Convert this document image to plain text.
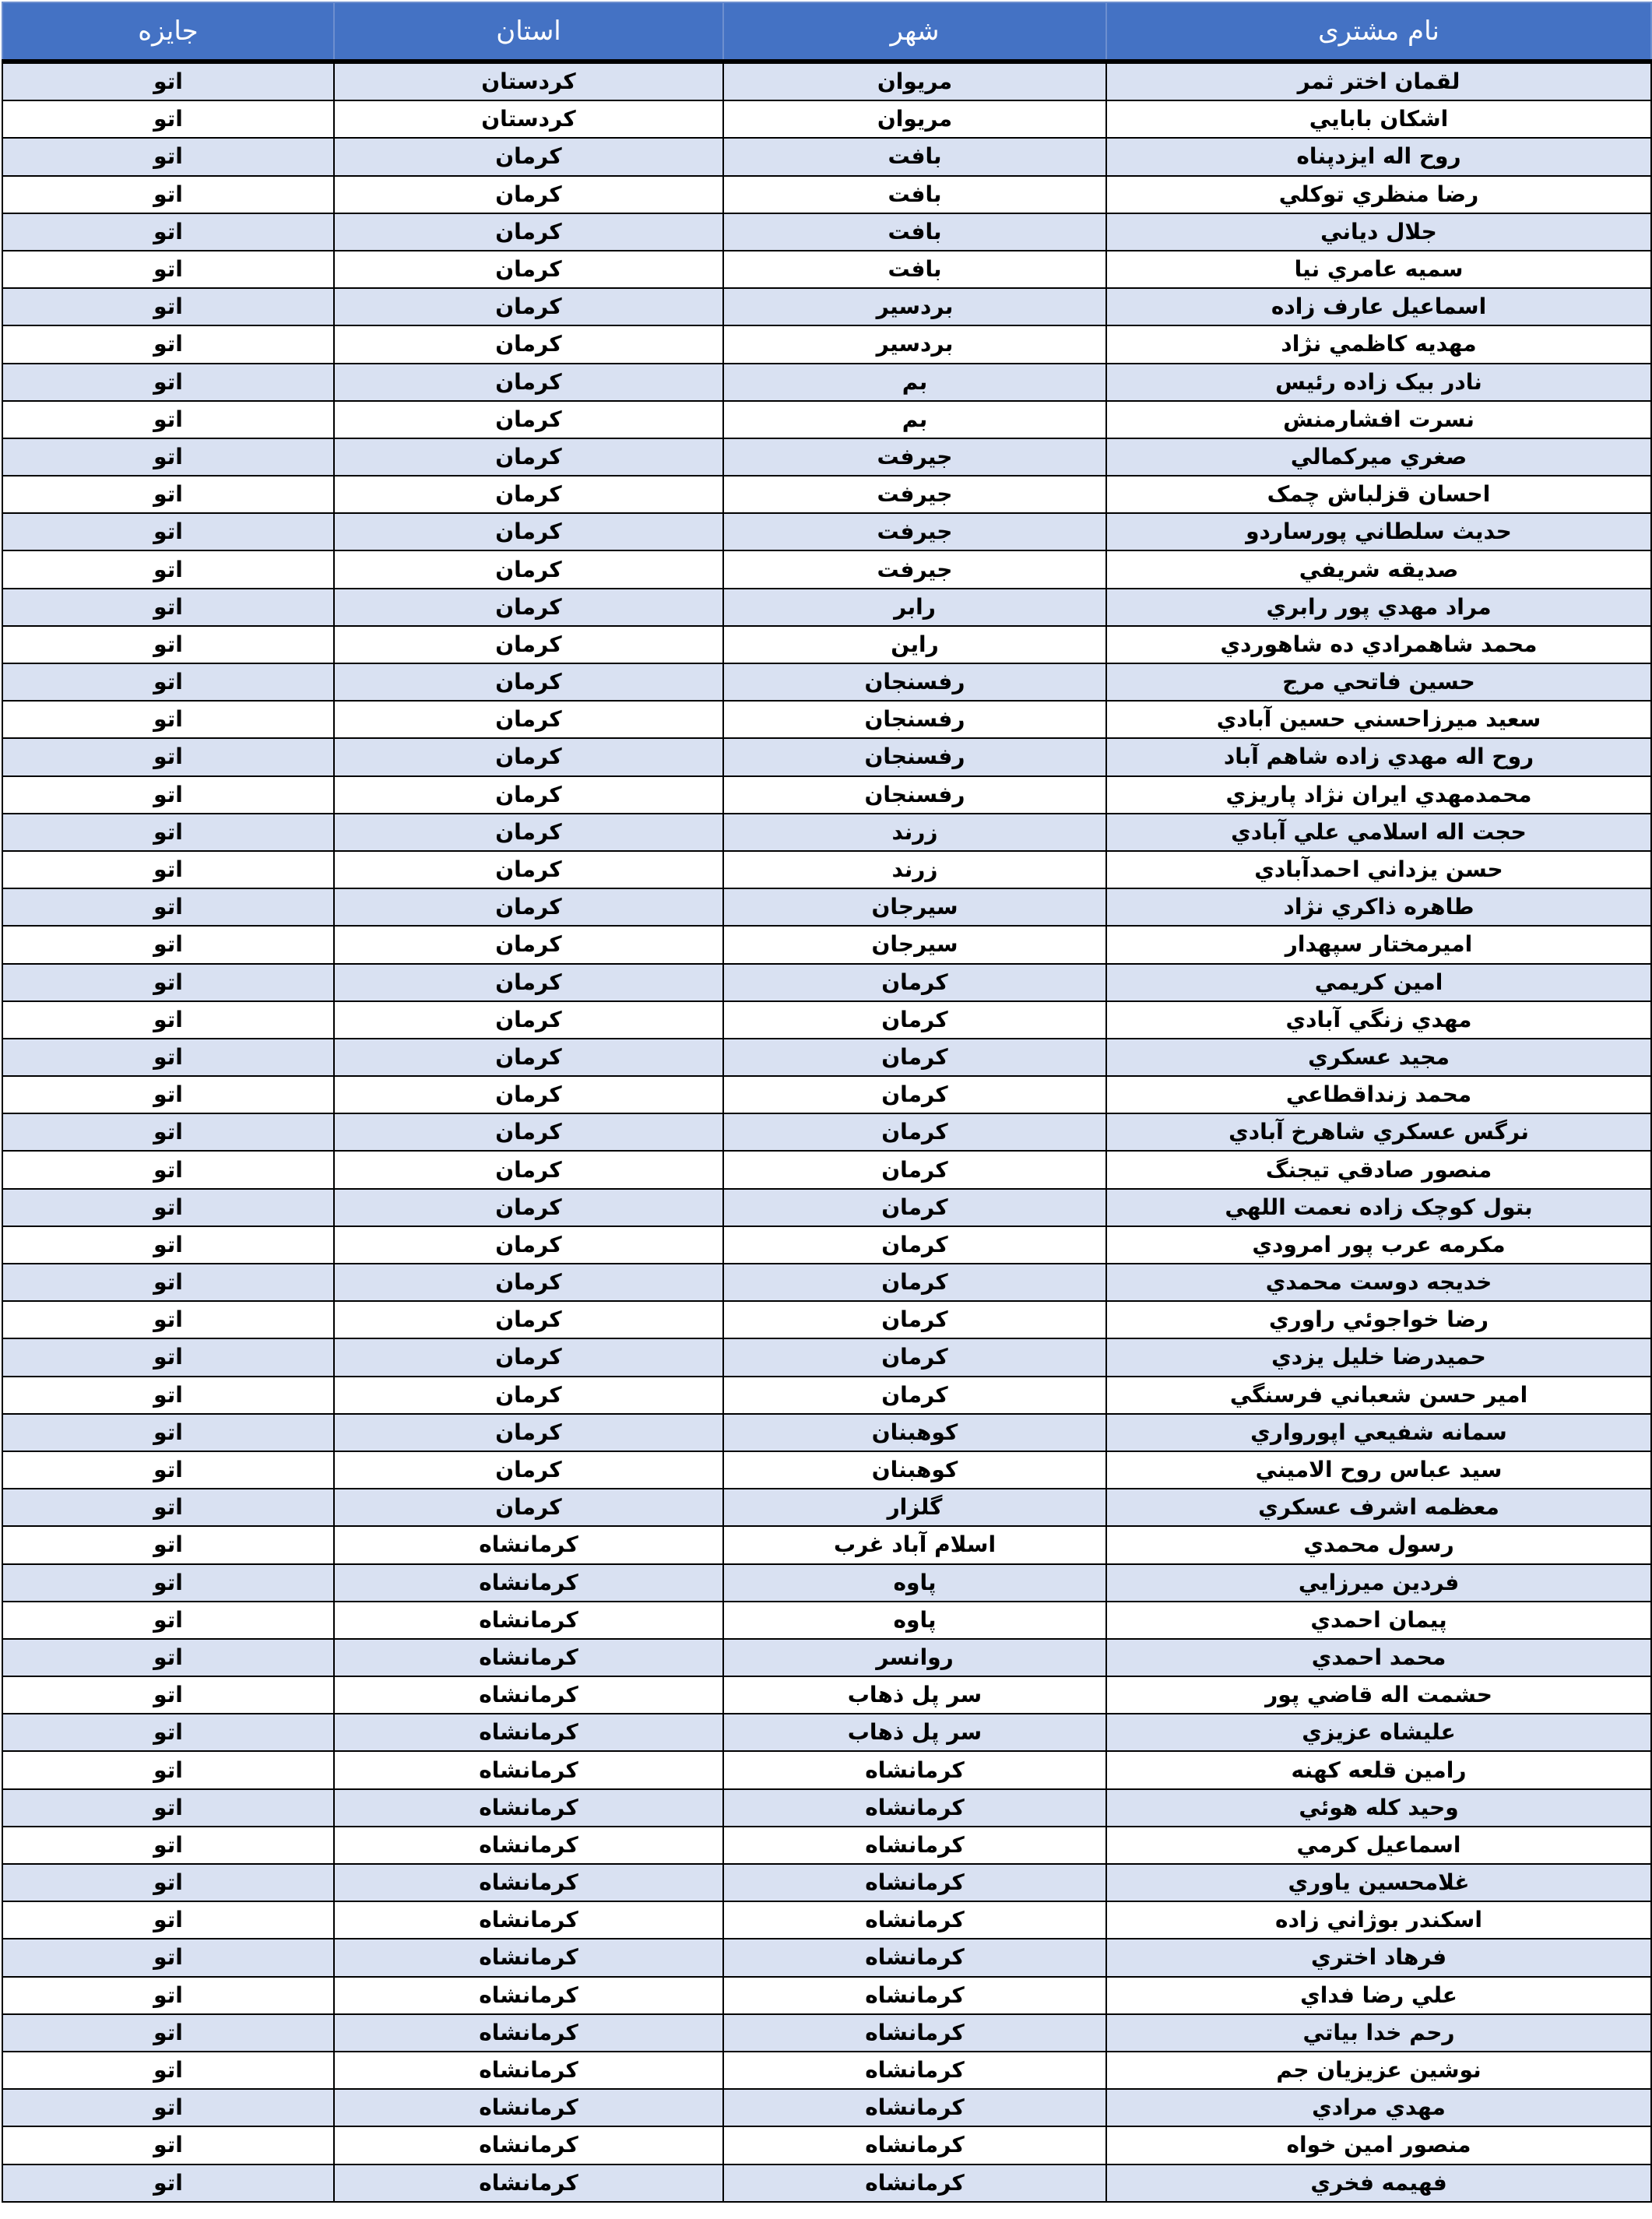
نام مشتری	شهر	استان	جایزه
لقمان اختر ثمر	مريوان	کردستان	اتو
اشکان بابايي	مريوان	کردستان	اتو
روح اله ايزدپناه	بافت	کرمان	اتو
رضا منظري توکلي	بافت	کرمان	اتو
جلال دياني	بافت	کرمان	اتو
سميه عامري نيا	بافت	کرمان	اتو
اسماعيل عارف زاده	بردسير	کرمان	اتو
مهديه کاظمي نژاد	بردسير	کرمان	اتو
نادر بيک زاده رئيس	بم	کرمان	اتو
نسرت افشارمنش	بم	کرمان	اتو
صغري ميرکمالي	جيرفت	کرمان	اتو
احسان قزلباش چمک	جيرفت	کرمان	اتو
حديث سلطاني پورساردو	جيرفت	کرمان	اتو
صديقه شريفي	جيرفت	کرمان	اتو
مراد مهدي پور رابري	رابر	کرمان	اتو
محمد شاهمرادي ده شاهوردي	راين	کرمان	اتو
حسين فاتحي مرج	رفسنجان	کرمان	اتو
سعيد ميرزاحسني حسين آبادي	رفسنجان	کرمان	اتو
روح اله مهدي زاده شاهم آباد	رفسنجان	کرمان	اتو
محمدمهدي ايران نژاد پاريزي	رفسنجان	کرمان	اتو
حجت اله اسلامي علي آبادي	زرند	کرمان	اتو
حسن يزداني احمدآبادي	زرند	کرمان	اتو
طاهره ذاکري نژاد	سيرجان	کرمان	اتو
اميرمختار سپهدار	سيرجان	کرمان	اتو
امين کريمي	کرمان	کرمان	اتو
مهدي زنگي آبادي	کرمان	کرمان	اتو
مجيد عسکري	کرمان	کرمان	اتو
محمد زنداقطاعي	کرمان	کرمان	اتو
نرگس عسکري شاهرخ آبادي	کرمان	کرمان	اتو
منصور صادقي تيجنگ	کرمان	کرمان	اتو
بتول کوچک زاده نعمت اللهي	کرمان	کرمان	اتو
مکرمه عرب پور امرودي	کرمان	کرمان	اتو
خديجه دوست محمدي	کرمان	کرمان	اتو
رضا خواجوئي راوري	کرمان	کرمان	اتو
حميدرضا خليل يزدي	کرمان	کرمان	اتو
امير حسن شعباني فرسنگي	کرمان	کرمان	اتو
سمانه شفيعي اپورواري	کوهبنان	کرمان	اتو
سيد عباس روح الاميني	کوهبنان	کرمان	اتو
معظمه اشرف عسکري	گلزار	کرمان	اتو
رسول محمدي	اسلام آباد غرب	کرمانشاه	اتو
فردين ميرزايي	پاوه	کرمانشاه	اتو
پيمان احمدي	پاوه	کرمانشاه	اتو
محمد احمدي	روانسر	کرمانشاه	اتو
حشمت اله قاضي پور	سر پل ذهاب	کرمانشاه	اتو
عليشاه عزيزي	سر پل ذهاب	کرمانشاه	اتو
رامين قلعه کهنه	کرمانشاه	کرمانشاه	اتو
وحيد کله هوئي	کرمانشاه	کرمانشاه	اتو
اسماعيل کرمي	کرمانشاه	کرمانشاه	اتو
غلامحسين ياوري	کرمانشاه	کرمانشاه	اتو
اسکندر بوژاني زاده	کرمانشاه	کرمانشاه	اتو
فرهاد اختري	کرمانشاه	کرمانشاه	اتو
علي رضا فداي	کرمانشاه	کرمانشاه	اتو
رحم خدا بياتي	کرمانشاه	کرمانشاه	اتو
نوشين عزيزيان جم	کرمانشاه	کرمانشاه	اتو
مهدي مرادي	کرمانشاه	کرمانشاه	اتو
منصور امين خواه	کرمانشاه	کرمانشاه	اتو
فهيمه فخري	کرمانشاه	کرمانشاه	اتو
